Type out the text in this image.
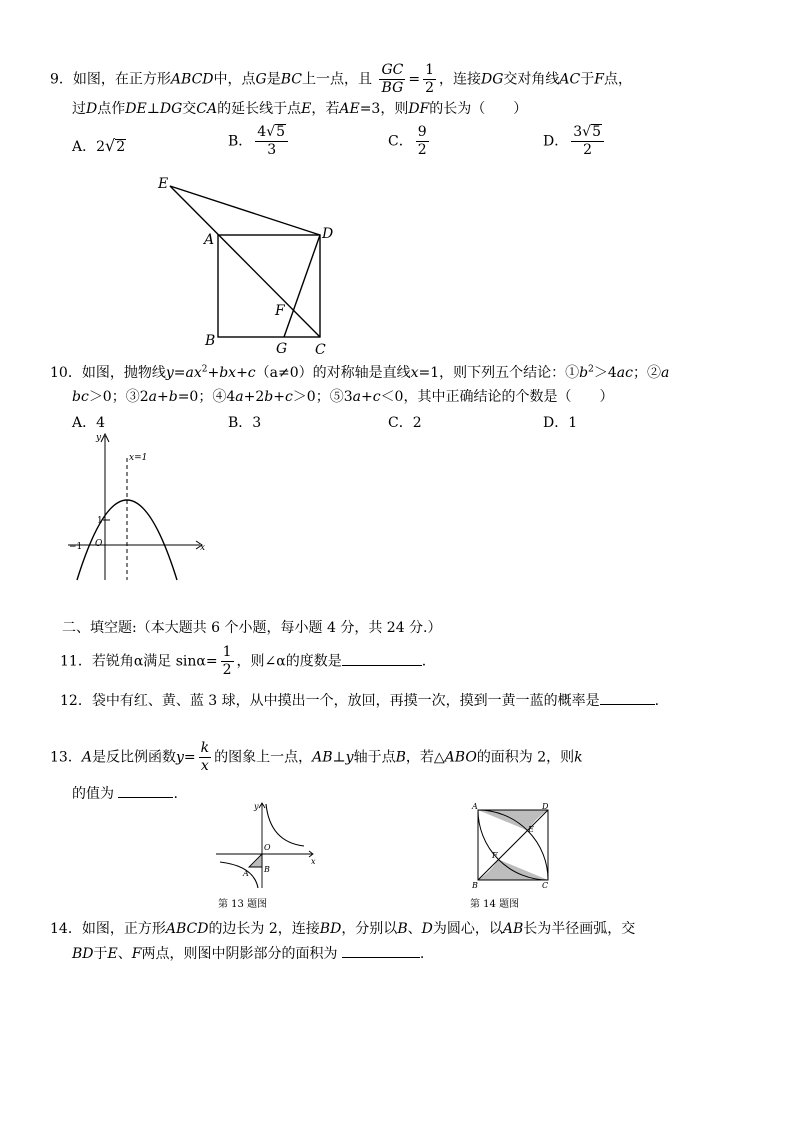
9．如图，在正方形ABCD中，点G是BC上一点，且 $\frac{GC}{BG} = \frac{1}{2}$ ，连接DG交对角线AC于F点，
过D点作DE⊥DG交CA的延长线于点E，若AE=3，则DF的长为（　　）
A．2√2	B． $\frac{4√5}{3}$	C． $\frac{9}{2}$	D． $\frac{3√5}{2}$
E
A	D
F
B	G C
10．如图，抛物线$y=ax^2+bx+c(a\ne 0)$的对称轴是直线x=1，则下列五个结论：$①b^2>4ac$；②a
bc＞0；③2a+b=0；④4a+2b+c＞0；⑤3a+c＜0，其中正确结论的个数是（　　）
A．4	B．3	C．2	D．1
y
x
x=1
1
−1 O
二、填空题:（本大题共 6 个小题，每小题 4 分，共 24 分.）
11．若锐角α满足 $\sin\alpha= \frac{1}{2}$ ，则∠α的度数是	.
12．袋中有红、黄、蓝 3 球，从中摸出一个，放回，再摸一次，摸到一黄一蓝的概率是	.
13．A是反比例函数$y= \frac{k}{x}$ 的图象上一点，AB⊥y轴于点B，若△ABO的面积为 2，则k
的值为	.
y
x
O
A B
第 13 题图
A	D
E
F
B	C
第 14 题图
14．如图，正方形ABCD的边长为 2，连接BD，分别以B、D为圆心，以AB长为半径画弧，交
BD于E、F两点，则图中阴影部分的面积为	.
